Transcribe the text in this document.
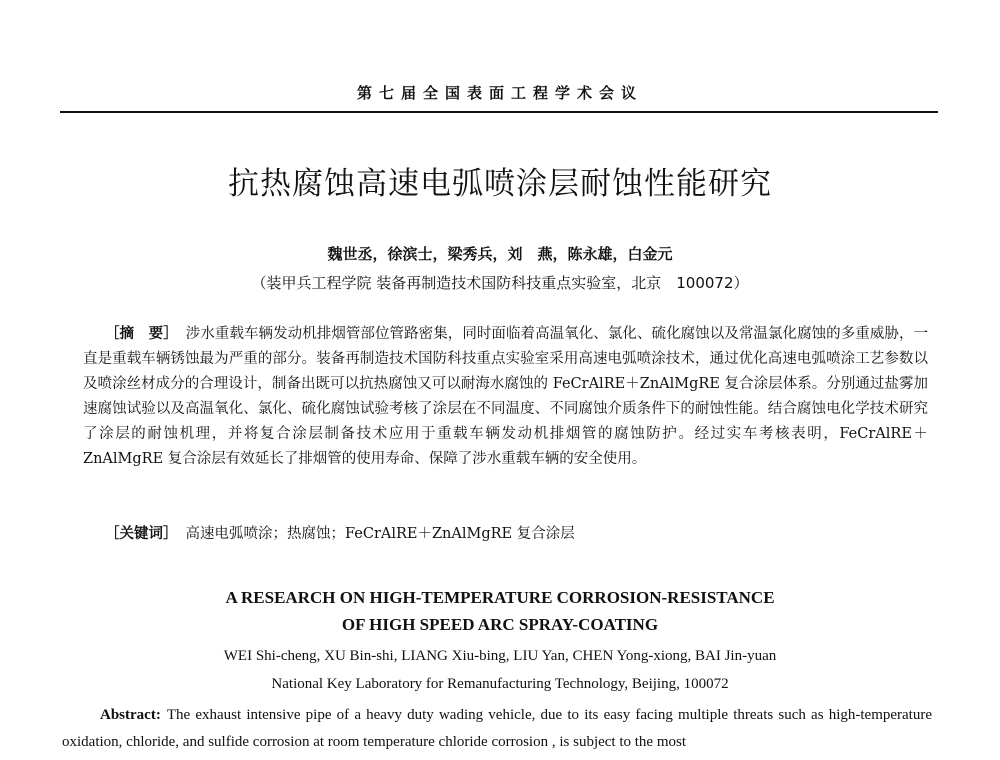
第七届全国表面工程学术会议
抗热腐蚀高速电弧喷涂层耐蚀性能研究
魏世丞，徐滨士，梁秀兵，刘　燕，陈永雄，白金元
（装甲兵工程学院 装备再制造技术国防科技重点实验室，北京　100072）

［摘　要］ 涉水重载车辆发动机排烟管部位管路密集，同时面临着高温氧化、氯化、硫化腐蚀以及常温氯化腐蚀的多重威胁，一直是重载车辆锈蚀最为严重的部分。装备再制造技术国防科技重点实验室采用高速电弧喷涂技术，通过优化高速电弧喷涂工艺参数以及喷涂丝材成分的合理设计，制备出既可以抗热腐蚀又可以耐海水腐蚀的 FeCrAlRE＋ZnAlMgRE 复合涂层体系。分别通过盐雾加速腐蚀试验以及高温氧化、氯化、硫化腐蚀试验考核了涂层在不同温度、不同腐蚀介质条件下的耐蚀性能。结合腐蚀电化学技术研究了涂层的耐蚀机理，并将复合涂层制备技术应用于重载车辆发动机排烟管的腐蚀防护。经过实车考核表明，FeCrAlRE＋ZnAlMgRE 复合涂层有效延长了排烟管的使用寿命、保障了涉水重载车辆的安全使用。

［关键词］ 高速电弧喷涂；热腐蚀；FeCrAlRE＋ZnAlMgRE 复合涂层

A RESEARCH ON HIGH-TEMPERATURE CORROSION-RESISTANCE
OF HIGH SPEED ARC SPRAY-COATING
WEI Shi-cheng, XU Bin-shi, LIANG Xiu-bing, LIU Yan, CHEN Yong-xiong, BAI Jin-yuan
National Key Laboratory for Remanufacturing Technology, Beijing, 100072

Abstract: The exhaust intensive pipe of a heavy duty wading vehicle, due to its easy facing multiple threats such as high-temperature oxidation, chloride, and sulfide corrosion at room temperature chloride corrosion , is subject to the most
